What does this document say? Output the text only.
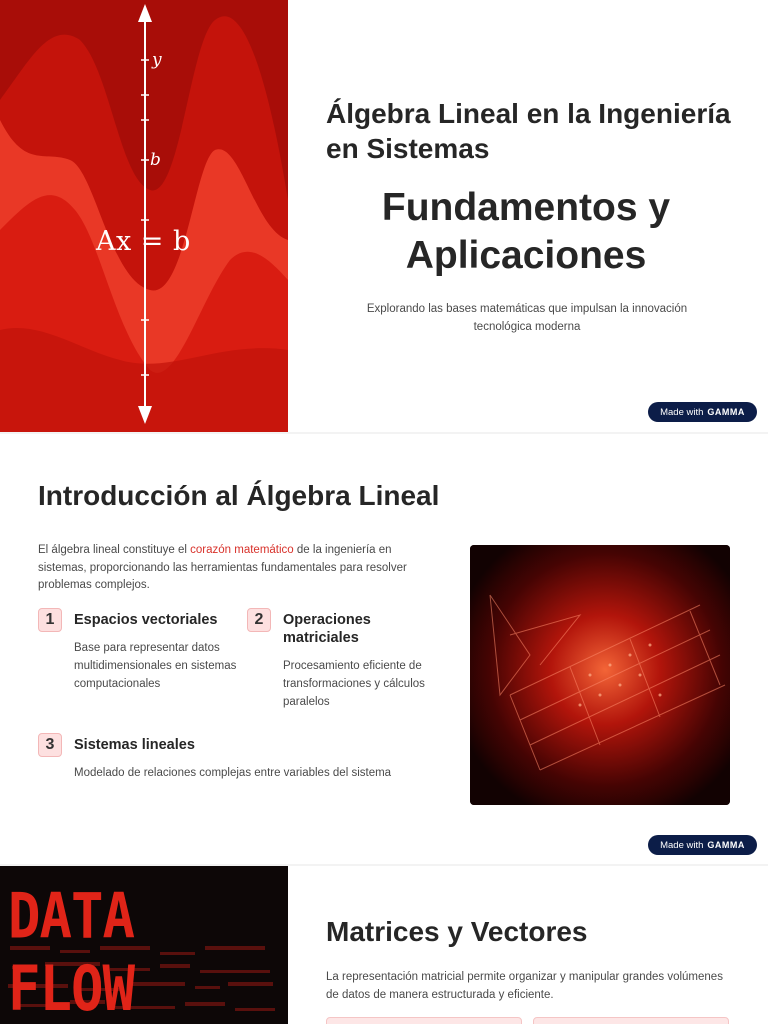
y
b
Ax = b
Álgebra Lineal en la Ingeniería en Sistemas
Fundamentos y Aplicaciones

Explorando las bases matemáticas que impulsan la innovación tecnológica moderna

Made with GAMMA
Introducción al Álgebra Lineal

El álgebra lineal constituye el corazón matemático de la ingeniería en sistemas, proporcionando las herramientas fundamentales para resolver problemas complejos.

1	Espacios vectoriales
Base para representar datos multidimensionales en sistemas computacionales
2	Operaciones matriciales
Procesamiento eficiente de transformaciones y cálculos paralelos
3	Sistemas lineales
Modelado de relaciones complejas entre variables del sistema
Made with GAMMA
DATA FLOW
Matrices y Vectores

La representación matricial permite organizar y manipular grandes volúmenes de datos de manera estructurada y eficiente.
